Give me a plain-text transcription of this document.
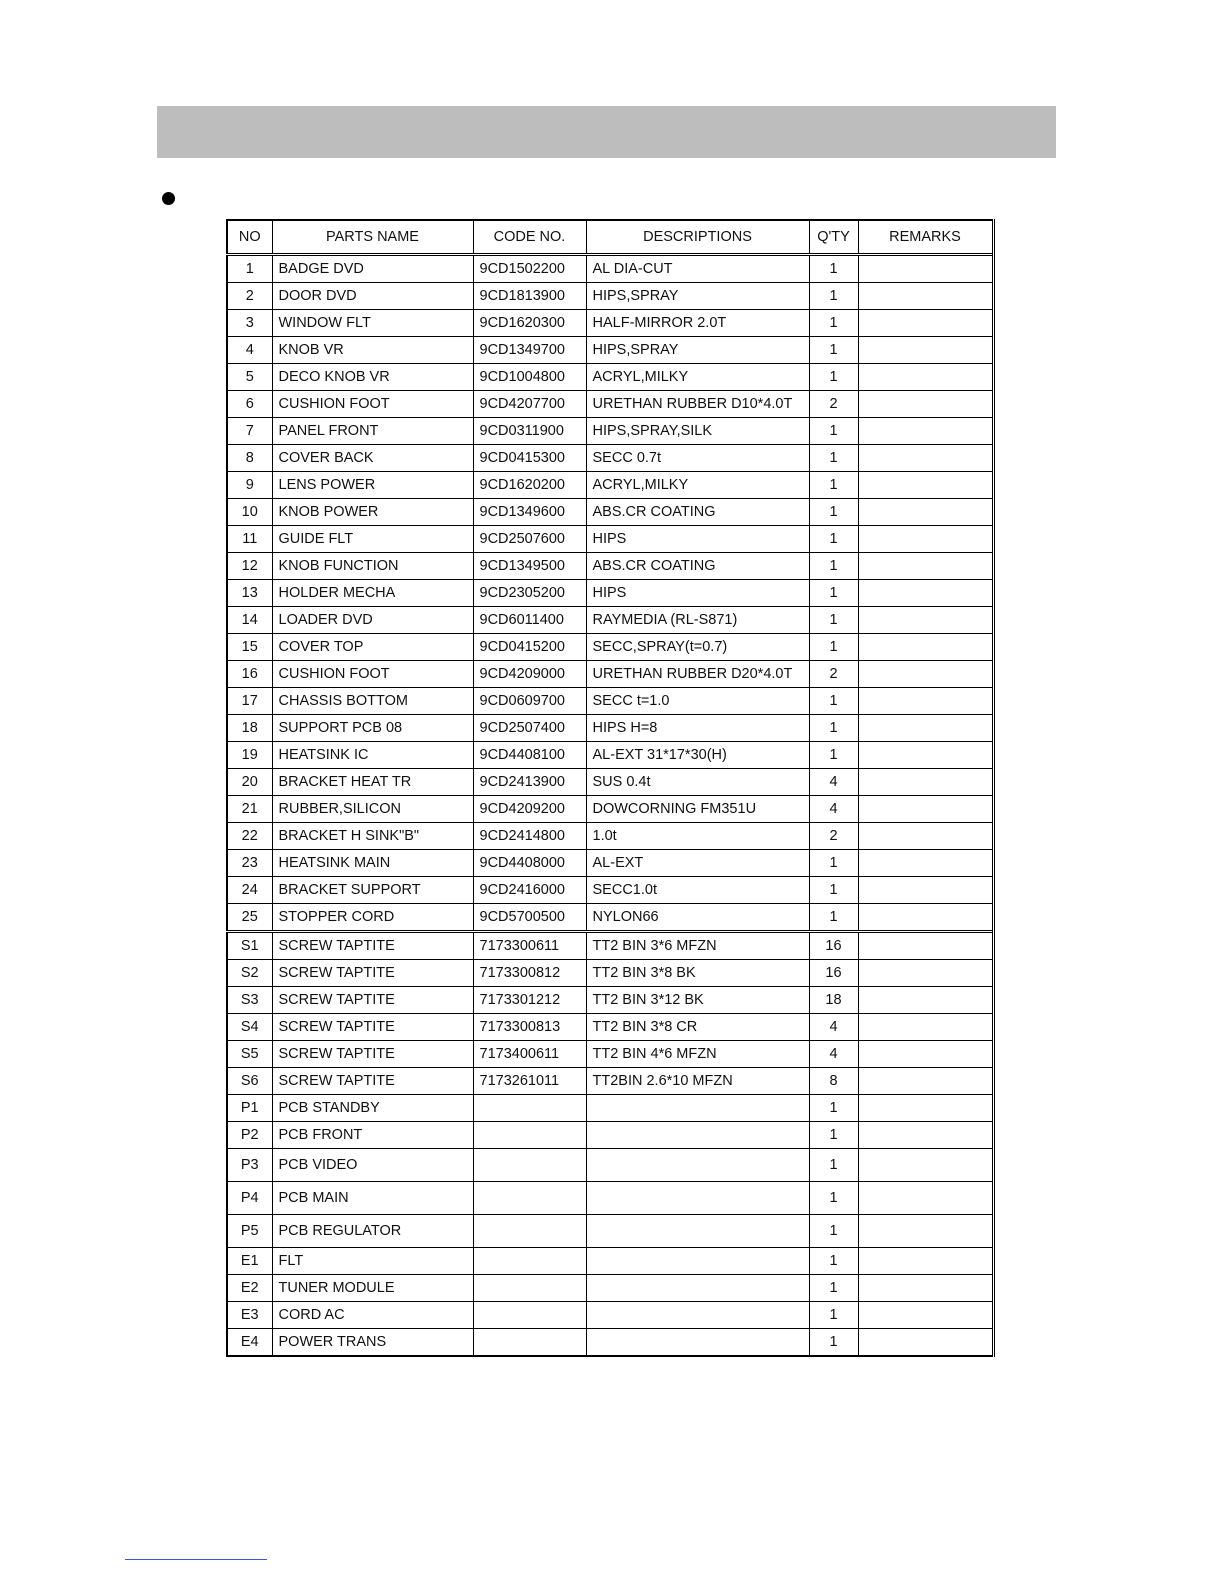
NO	PARTS NAME	CODE NO.	DESCRIPTIONS	Q'TY	REMARKS
1	BADGE DVD	9CD1502200	AL DIA-CUT	1	
2	DOOR DVD	9CD1813900	HIPS,SPRAY	1	
3	WINDOW FLT	9CD1620300	HALF-MIRROR 2.0T	1	
4	KNOB VR	9CD1349700	HIPS,SPRAY	1	
5	DECO KNOB VR	9CD1004800	ACRYL,MILKY	1	
6	CUSHION FOOT	9CD4207700	URETHAN RUBBER D10*4.0T	2	
7	PANEL FRONT	9CD0311900	HIPS,SPRAY,SILK	1	
8	COVER BACK	9CD0415300	SECC 0.7t	1	
9	LENS POWER	9CD1620200	ACRYL,MILKY	1	
10	KNOB POWER	9CD1349600	ABS.CR COATING	1	
11	GUIDE FLT	9CD2507600	HIPS	1	
12	KNOB FUNCTION	9CD1349500	ABS.CR COATING	1	
13	HOLDER MECHA	9CD2305200	HIPS	1	
14	LOADER DVD	9CD6011400	RAYMEDIA (RL-S871)	1	
15	COVER TOP	9CD0415200	SECC,SPRAY(t=0.7)	1	
16	CUSHION FOOT	9CD4209000	URETHAN RUBBER D20*4.0T	2	
17	CHASSIS BOTTOM	9CD0609700	SECC t=1.0	1	
18	SUPPORT PCB 08	9CD2507400	HIPS H=8	1	
19	HEATSINK IC	9CD4408100	AL-EXT 31*17*30(H)	1	
20	BRACKET HEAT TR	9CD2413900	SUS 0.4t	4	
21	RUBBER,SILICON	9CD4209200	DOWCORNING FM351U	4	
22	BRACKET H SINK"B"	9CD2414800	1.0t	2	
23	HEATSINK MAIN	9CD4408000	AL-EXT	1	
24	BRACKET SUPPORT	9CD2416000	SECC1.0t	1	
25	STOPPER CORD	9CD5700500	NYLON66	1	
S1	SCREW TAPTITE	7173300611	TT2 BIN 3*6 MFZN	16	
S2	SCREW TAPTITE	7173300812	TT2 BIN 3*8 BK	16	
S3	SCREW TAPTITE	7173301212	TT2 BIN 3*12 BK	18	
S4	SCREW TAPTITE	7173300813	TT2 BIN 3*8 CR	4	
S5	SCREW TAPTITE	7173400611	TT2 BIN 4*6 MFZN	4	
S6	SCREW TAPTITE	7173261011	TT2BIN 2.6*10 MFZN	8	
P1	PCB STANDBY			1	
P2	PCB FRONT			1	
P3	PCB VIDEO			1	
P4	PCB MAIN			1	
P5	PCB REGULATOR			1	
E1	FLT			1	
E2	TUNER MODULE			1	
E3	CORD AC			1	
E4	POWER TRANS			1	
